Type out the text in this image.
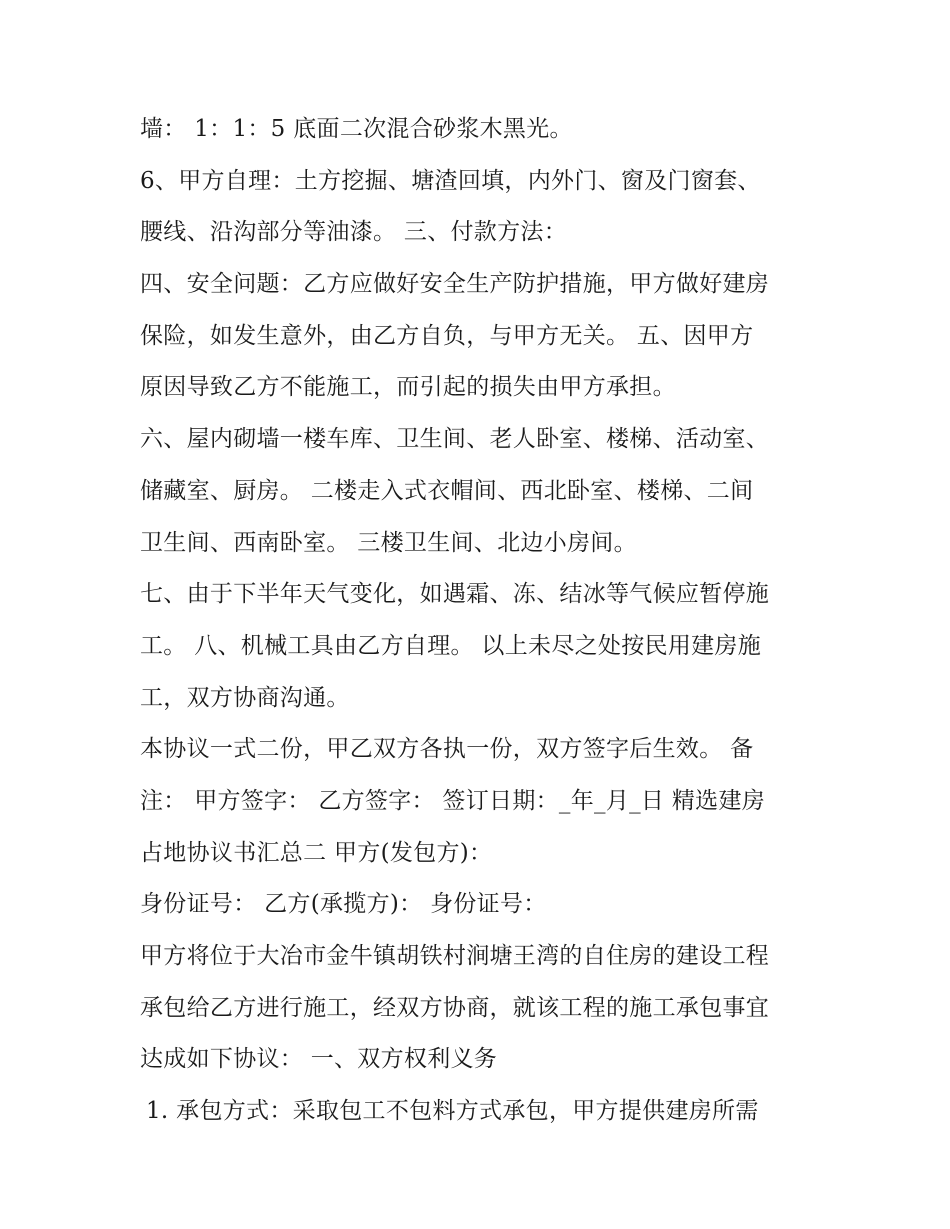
墙： 1：1：5 底面二次混合砂浆木黑光。
6、甲方自理：土方挖掘、塘渣回填，内外门、窗及门窗套、
腰线、沿沟部分等油漆。 三、付款方法：
四、安全问题：乙方应做好安全生产防护措施，甲方做好建房
保险，如发生意外，由乙方自负，与甲方无关。 五、因甲方
原因导致乙方不能施工，而引起的损失由甲方承担。
六、屋内砌墙一楼车库、卫生间、老人卧室、楼梯、活动室、
储藏室、厨房。 二楼走入式衣帽间、西北卧室、楼梯、二间
卫生间、西南卧室。 三楼卫生间、北边小房间。
七、由于下半年天气变化，如遇霜、冻、结冰等气候应暂停施
工。 八、机械工具由乙方自理。 以上未尽之处按民用建房施
工，双方协商沟通。
本协议一式二份，甲乙双方各执一份，双方签字后生效。 备
注： 甲方签字： 乙方签字： 签订日期：_年_月_日 精选建房
占地协议书汇总二 甲方(发包方)：
身份证号： 乙方(承揽方)： 身份证号：
甲方将位于大冶市金牛镇胡铁村涧塘王湾的自住房的建设工程
承包给乙方进行施工，经双方协商，就该工程的施工承包事宜
达成如下协议： 一、双方权利义务
1. 承包方式：采取包工不包料方式承包，甲方提供建房所需
